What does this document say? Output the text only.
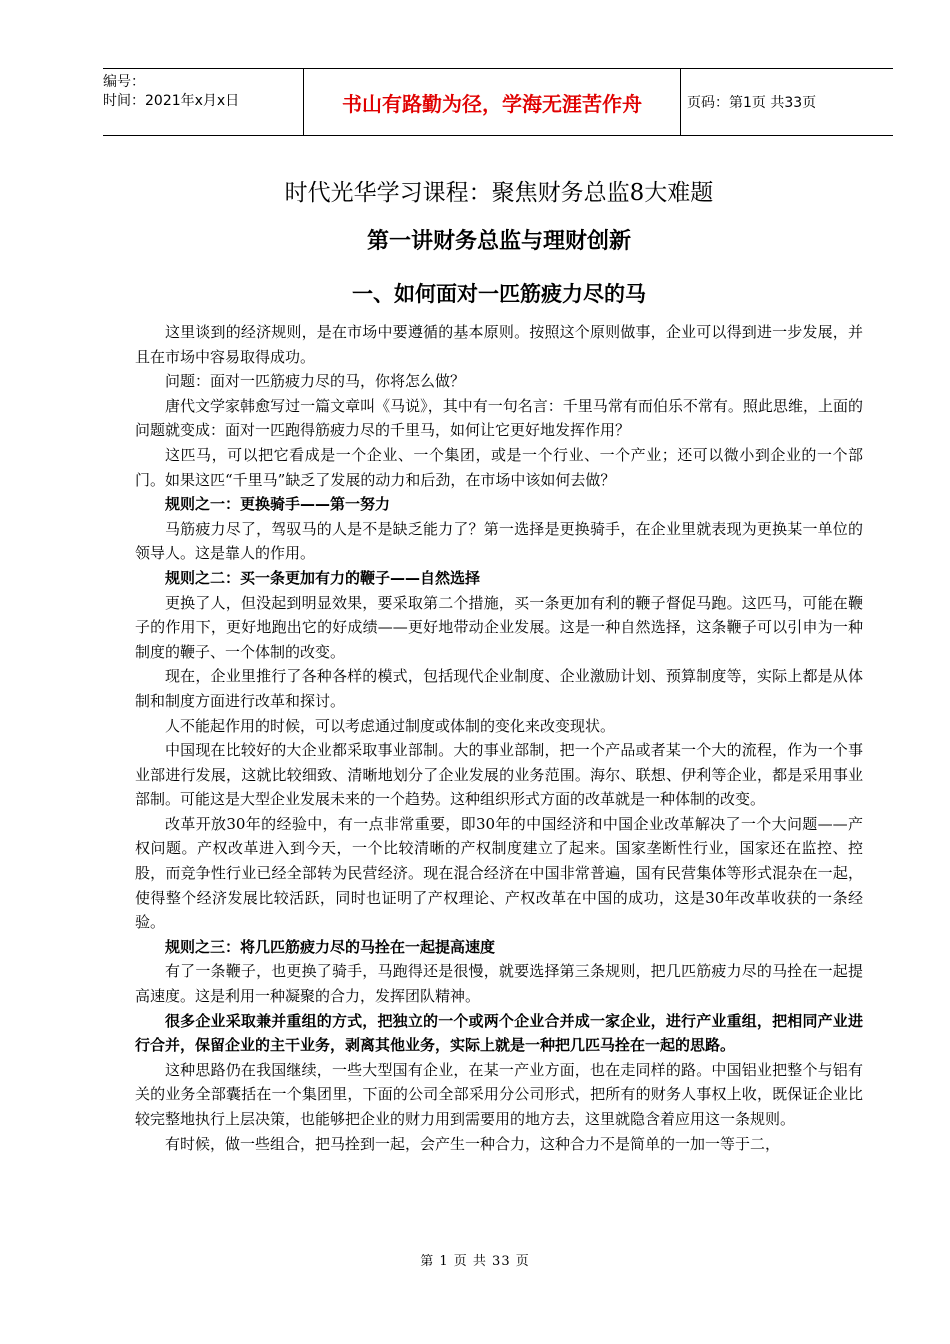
编号：
时间：2021年x月x日	书山有路勤为径，学海无涯苦作舟	页码：第1页 共33页
时代光华学习课程：聚焦财务总监8大难题
第一讲财务总监与理财创新
一、如何面对一匹筋疲力尽的马

这里谈到的经济规则，是在市场中要遵循的基本原则。按照这个原则做事，企业可以得到进一步发展，并且在市场中容易取得成功。

问题：面对一匹筋疲力尽的马，你将怎么做？

唐代文学家韩愈写过一篇文章叫《马说》，其中有一句名言：千里马常有而伯乐不常有。照此思维，上面的问题就变成：面对一匹跑得筋疲力尽的千里马，如何让它更好地发挥作用？

这匹马，可以把它看成是一个企业、一个集团，或是一个行业、一个产业；还可以微小到企业的一个部门。如果这匹“千里马”缺乏了发展的动力和后劲，在市场中该如何去做？

规则之一：更换骑手——第一努力

马筋疲力尽了，驾驭马的人是不是缺乏能力了？第一选择是更换骑手，在企业里就表现为更换某一单位的领导人。这是靠人的作用。

规则之二：买一条更加有力的鞭子——自然选择

更换了人，但没起到明显效果，要采取第二个措施，买一条更加有利的鞭子督促马跑。这匹马，可能在鞭子的作用下，更好地跑出它的好成绩——更好地带动企业发展。这是一种自然选择，这条鞭子可以引申为一种制度的鞭子、一个体制的改变。

现在，企业里推行了各种各样的模式，包括现代企业制度、企业激励计划、预算制度等，实际上都是从体制和制度方面进行改革和探讨。

人不能起作用的时候，可以考虑通过制度或体制的变化来改变现状。

中国现在比较好的大企业都采取事业部制。大的事业部制，把一个产品或者某一个大的流程，作为一个事业部进行发展，这就比较细致、清晰地划分了企业发展的业务范围。海尔、联想、伊利等企业，都是采用事业部制。可能这是大型企业发展未来的一个趋势。这种组织形式方面的改革就是一种体制的改变。

改革开放30年的经验中，有一点非常重要，即30年的中国经济和中国企业改革解决了一个大问题——产权问题。产权改革进入到今天，一个比较清晰的产权制度建立了起来。国家垄断性行业，国家还在监控、控股，而竞争性行业已经全部转为民营经济。现在混合经济在中国非常普遍，国有民营集体等形式混杂在一起，使得整个经济发展比较活跃，同时也证明了产权理论、产权改革在中国的成功，这是30年改革收获的一条经验。

规则之三：将几匹筋疲力尽的马拴在一起提高速度

有了一条鞭子，也更换了骑手，马跑得还是很慢，就要选择第三条规则，把几匹筋疲力尽的马拴在一起提高速度。这是利用一种凝聚的合力，发挥团队精神。

很多企业采取兼并重组的方式，把独立的一个或两个企业合并成一家企业，进行产业重组，把相同产业进行合并，保留企业的主干业务，剥离其他业务，实际上就是一种把几匹马拴在一起的思路。

这种思路仍在我国继续，一些大型国有企业，在某一产业方面，也在走同样的路。中国铝业把整个与铝有关的业务全部囊括在一个集团里，下面的公司全部采用分公司形式，把所有的财务人事权上收，既保证企业比较完整地执行上层决策，也能够把企业的财力用到需要用的地方去，这里就隐含着应用这一条规则。

有时候，做一些组合，把马拴到一起，会产生一种合力，这种合力不是简单的一加一等于二，

第 1 页 共 33 页
